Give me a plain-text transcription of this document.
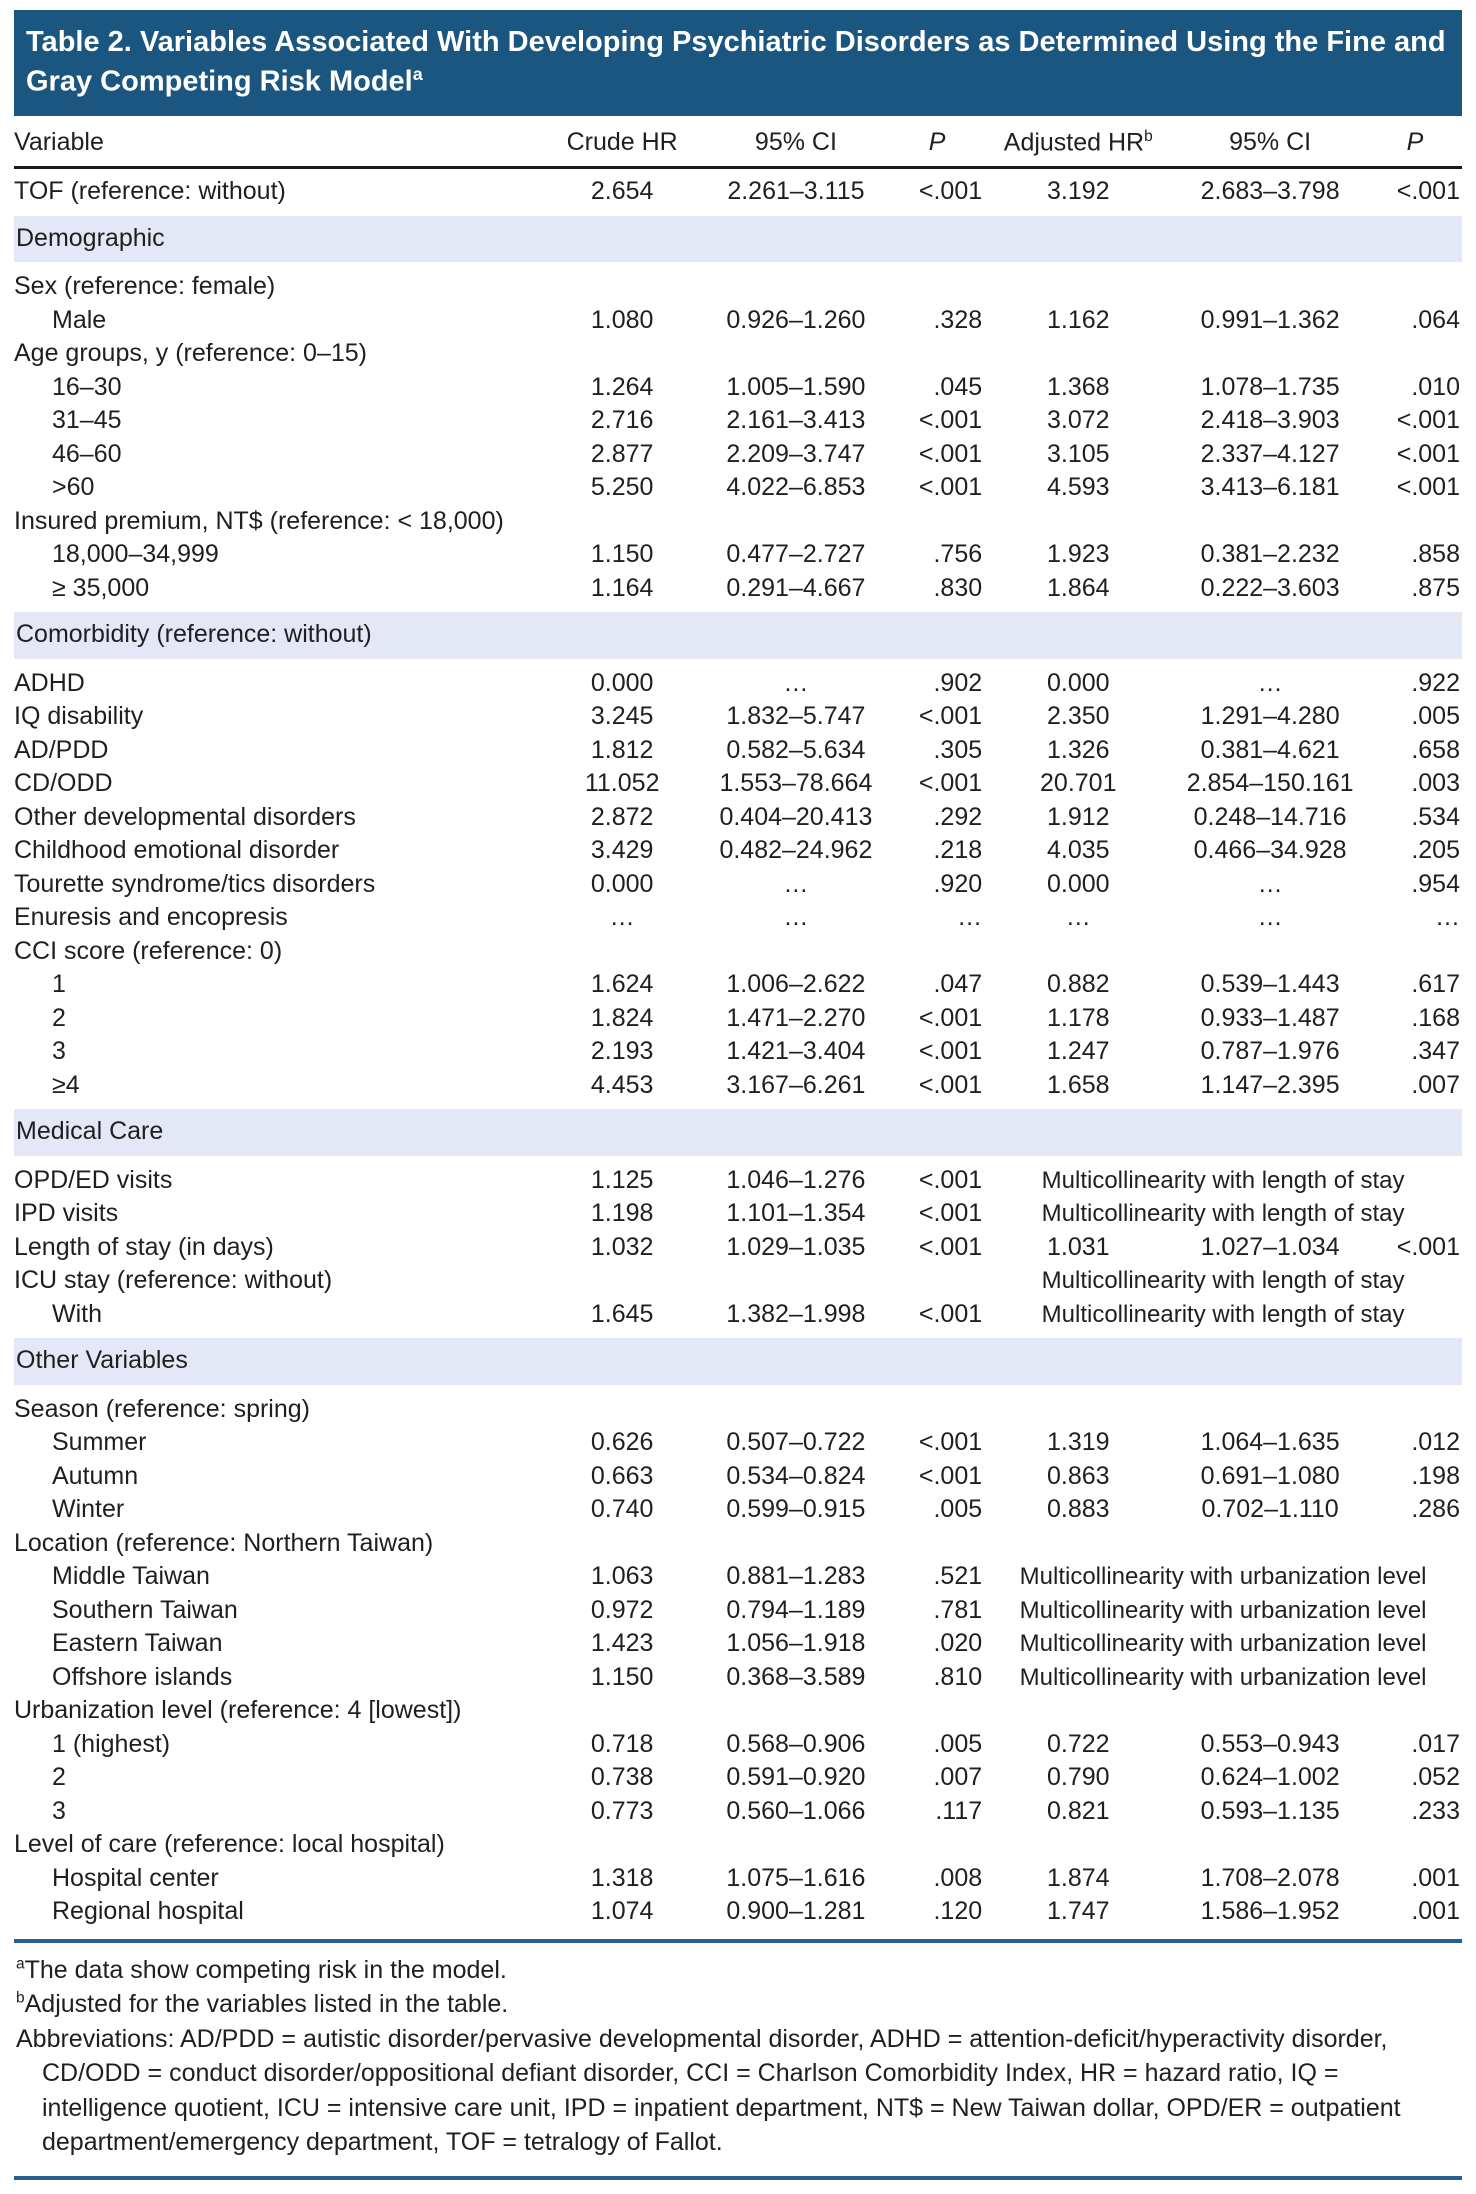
Table 2. Variables Associated With Developing Psychiatric Disorders as Determined Using the Fine and Gray Competing Risk Model$^a$
Variable	Crude HR	95% CI	P	Adjusted $HR^b$	95% CI	P
TOF (reference: without)	2.654	2.261–3.115	<.001	3.192	2.683–3.798	<.001
Demographic						
Sex (reference: female)						
Male	1.080	0.926–1.260	.328	1.162	0.991–1.362	.064
Age groups, y (reference: 0–15)						
16–30	1.264	1.005–1.590	.045	1.368	1.078–1.735	.010
31–45	2.716	2.161–3.413	<.001	3.072	2.418–3.903	<.001
46–60	2.877	2.209–3.747	<.001	3.105	2.337–4.127	<.001
>60	5.250	4.022–6.853	<.001	4.593	3.413–6.181	<.001
Insured premium, NT$ (reference: < 18,000)						
18,000–34,999	1.150	0.477–2.727	.756	1.923	0.381–2.232	.858
≥ 35,000	1.164	0.291–4.667	.830	1.864	0.222–3.603	.875
Comorbidity (reference: without)						
ADHD	0.000	…	.902	0.000	…	.922
IQ disability	3.245	1.832–5.747	<.001	2.350	1.291–4.280	.005
AD/PDD	1.812	0.582–5.634	.305	1.326	0.381–4.621	.658
CD/ODD	11.052	1.553–78.664	<.001	20.701	2.854–150.161	.003
Other developmental disorders	2.872	0.404–20.413	.292	1.912	0.248–14.716	.534
Childhood emotional disorder	3.429	0.482–24.962	.218	4.035	0.466–34.928	.205
Tourette syndrome/tics disorders	0.000	…	.920	0.000	…	.954
Enuresis and encopresis	…	…	…	…	…	…
CCI score (reference: 0)						
1	1.624	1.006–2.622	.047	0.882	0.539–1.443	.617
2	1.824	1.471–2.270	<.001	1.178	0.933–1.487	.168
3	2.193	1.421–3.404	<.001	1.247	0.787–1.976	.347
≥4	4.453	3.167–6.261	<.001	1.658	1.147–2.395	.007
Medical Care						
OPD/ED visits	1.125	1.046–1.276	<.001	Multicollinearity with length of stay		
IPD visits	1.198	1.101–1.354	<.001	Multicollinearity with length of stay		
Length of stay (in days)	1.032	1.029–1.035	<.001	1.031	1.027–1.034	<.001
ICU stay (reference: without)				Multicollinearity with length of stay		
With	1.645	1.382–1.998	<.001	Multicollinearity with length of stay		
Other Variables						
Season (reference: spring)						
Summer	0.626	0.507–0.722	<.001	1.319	1.064–1.635	.012
Autumn	0.663	0.534–0.824	<.001	0.863	0.691–1.080	.198
Winter	0.740	0.599–0.915	.005	0.883	0.702–1.110	.286
Location (reference: Northern Taiwan)						
Middle Taiwan	1.063	0.881–1.283	.521	Multicollinearity with urbanization level		
Southern Taiwan	0.972	0.794–1.189	.781	Multicollinearity with urbanization level		
Eastern Taiwan	1.423	1.056–1.918	.020	Multicollinearity with urbanization level		
Offshore islands	1.150	0.368–3.589	.810	Multicollinearity with urbanization level		
Urbanization level (reference: 4 [lowest])						
1 (highest)	0.718	0.568–0.906	.005	0.722	0.553–0.943	.017
2	0.738	0.591–0.920	.007	0.790	0.624–1.002	.052
3	0.773	0.560–1.066	.117	0.821	0.593–1.135	.233
Level of care (reference: local hospital)						
Hospital center	1.318	1.075–1.616	.008	1.874	1.708–2.078	.001
Regional hospital	1.074	0.900–1.281	.120	1.747	1.586–1.952	.001

$^a$The data show competing risk in the model.

$^b$Adjusted for the variables listed in the table.

Abbreviations: AD/PDD = autistic disorder/pervasive developmental disorder, ADHD = attention-deficit/hyperactivity disorder, CD/ODD = conduct disorder/oppositional defiant disorder, CCI = Charlson Comorbidity Index, HR = hazard ratio, IQ = intelligence quotient, ICU = intensive care unit, IPD = inpatient department, NT$ = New Taiwan dollar, OPD/ER = outpatient department/emergency department, TOF = tetralogy of Fallot.
